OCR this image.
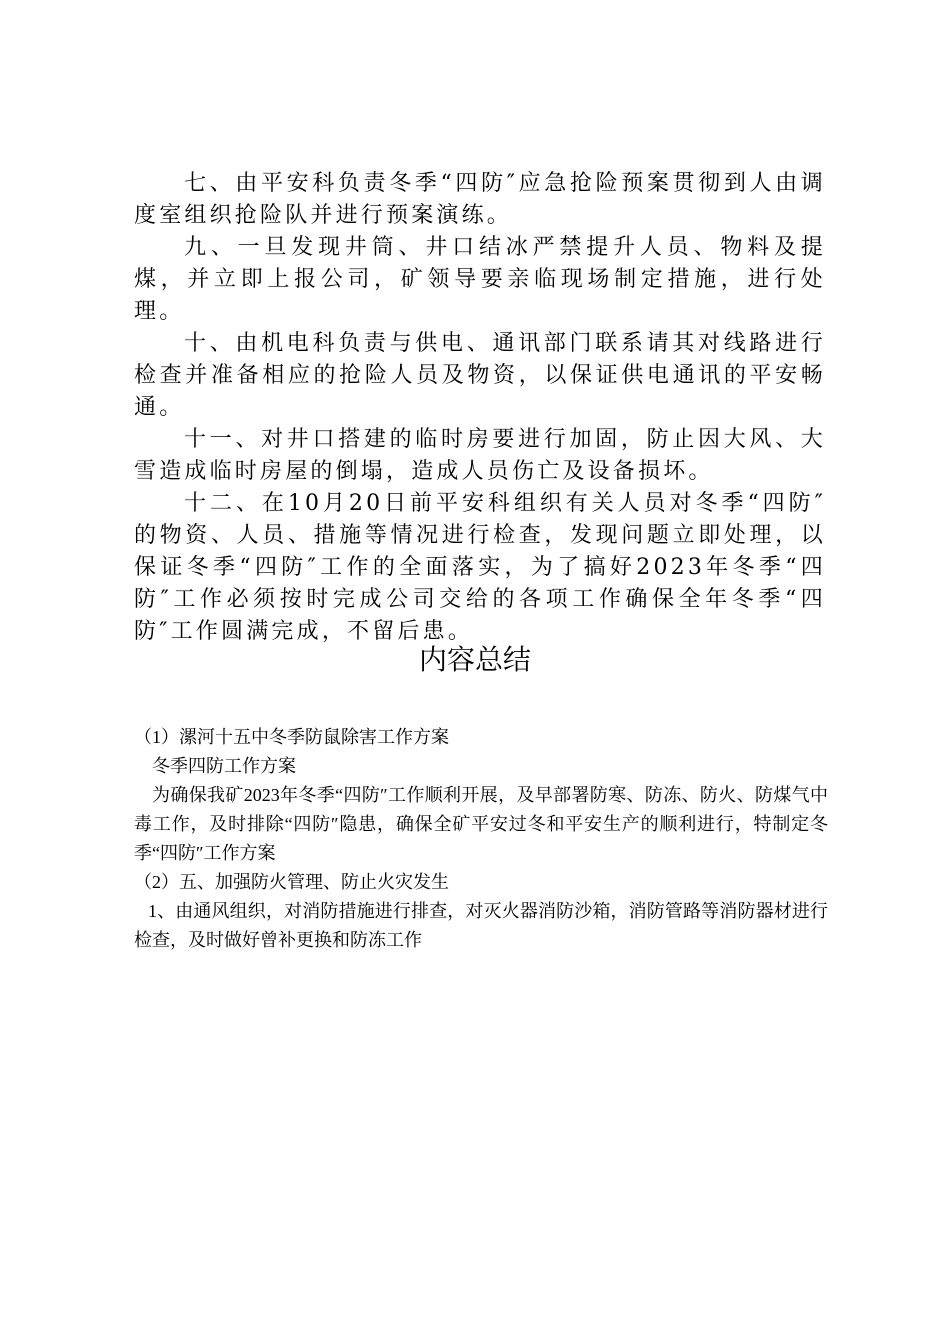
七、由平安科负责冬季“四防″应急抢险预案贯彻到人由调度室组织抢险队并进行预案演练。

九、一旦发现井筒、井口结冰严禁提升人员、物料及提煤，并立即上报公司，矿领导要亲临现场制定措施，进行处理。

十、由机电科负责与供电、通讯部门联系请其对线路进行检查并准备相应的抢险人员及物资，以保证供电通讯的平安畅通。

十一、对井口搭建的临时房要进行加固，防止因大风、大雪造成临时房屋的倒塌，造成人员伤亡及设备损坏。

十二、在10月20日前平安科组织有关人员对冬季“四防″的物资、人员、措施等情况进行检查，发现问题立即处理，以保证冬季“四防″工作的全面落实，为了搞好2023年冬季“四防″工作必须按时完成公司交给的各项工作确保全年冬季“四防″工作圆满完成，不留后患。

内容总结

（1）漯河十五中冬季防鼠除害工作方案

冬季四防工作方案

为确保我矿2023年冬季“四防″工作顺利开展，及早部署防寒、防冻、防火、防煤气中毒工作，及时排除“四防″隐患，确保全矿平安过冬和平安生产的顺利进行，特制定冬季“四防″工作方案

（2）五、加强防火管理、防止火灾发生

1、由通风组织，对消防措施进行排查，对灭火器消防沙箱，消防管路等消防器材进行检查，及时做好曾补更换和防冻工作
